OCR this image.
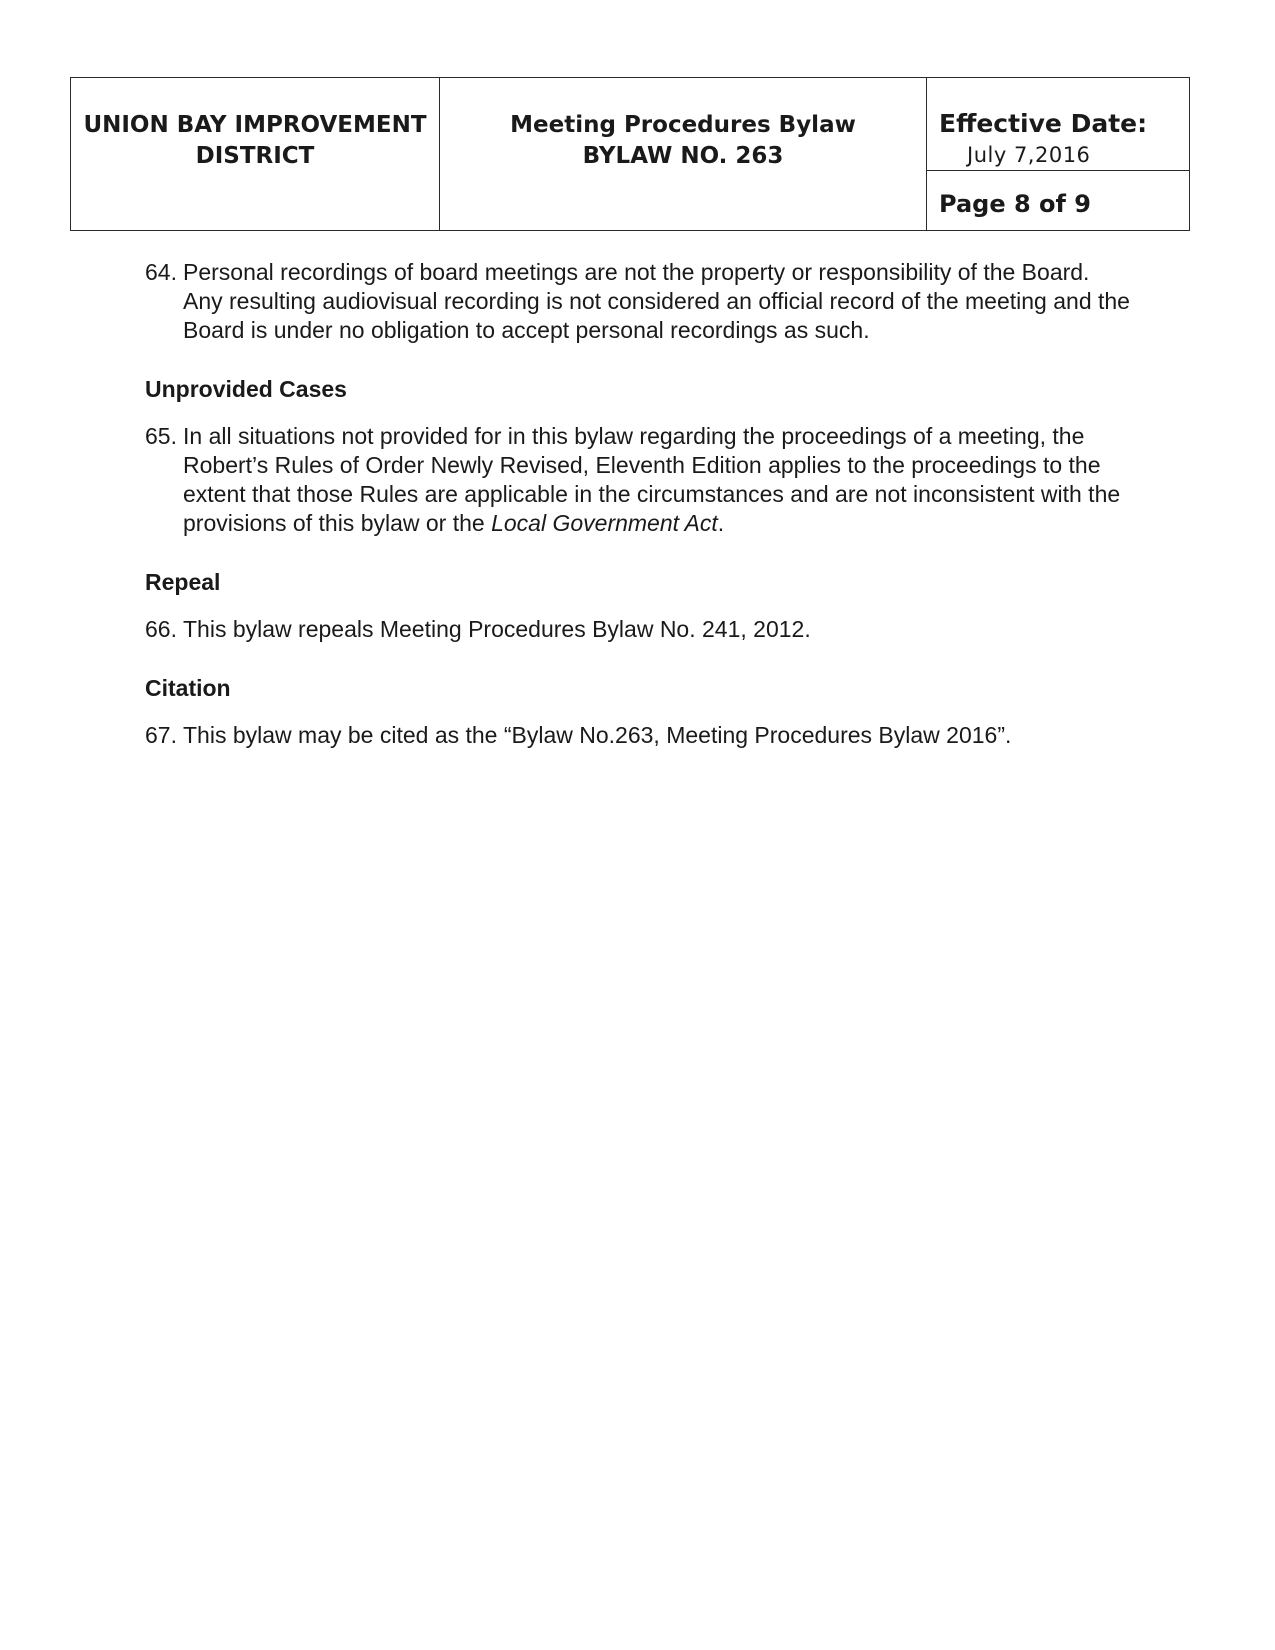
UNION BAY IMPROVEMENT
DISTRICT
Meeting Procedures Bylaw
BYLAW NO. 263
Effective Date:
July 7,2016
Page 8 of 9
64. Personal recordings of board meetings are not the property or responsibility of the Board. Any resulting audiovisual recording is not considered an official record of the meeting and the Board is under no obligation to accept personal recordings as such.
Unprovided Cases
65. In all situations not provided for in this bylaw regarding the proceedings of a meeting, the Robert’s Rules of Order Newly Revised, Eleventh Edition applies to the proceedings to the extent that those Rules are applicable in the circumstances and are not inconsistent with the provisions of this bylaw or the Local Government Act.
Repeal
66. This bylaw repeals Meeting Procedures Bylaw No. 241, 2012.
Citation
67. This bylaw may be cited as the “Bylaw No.263, Meeting Procedures Bylaw 2016”.
